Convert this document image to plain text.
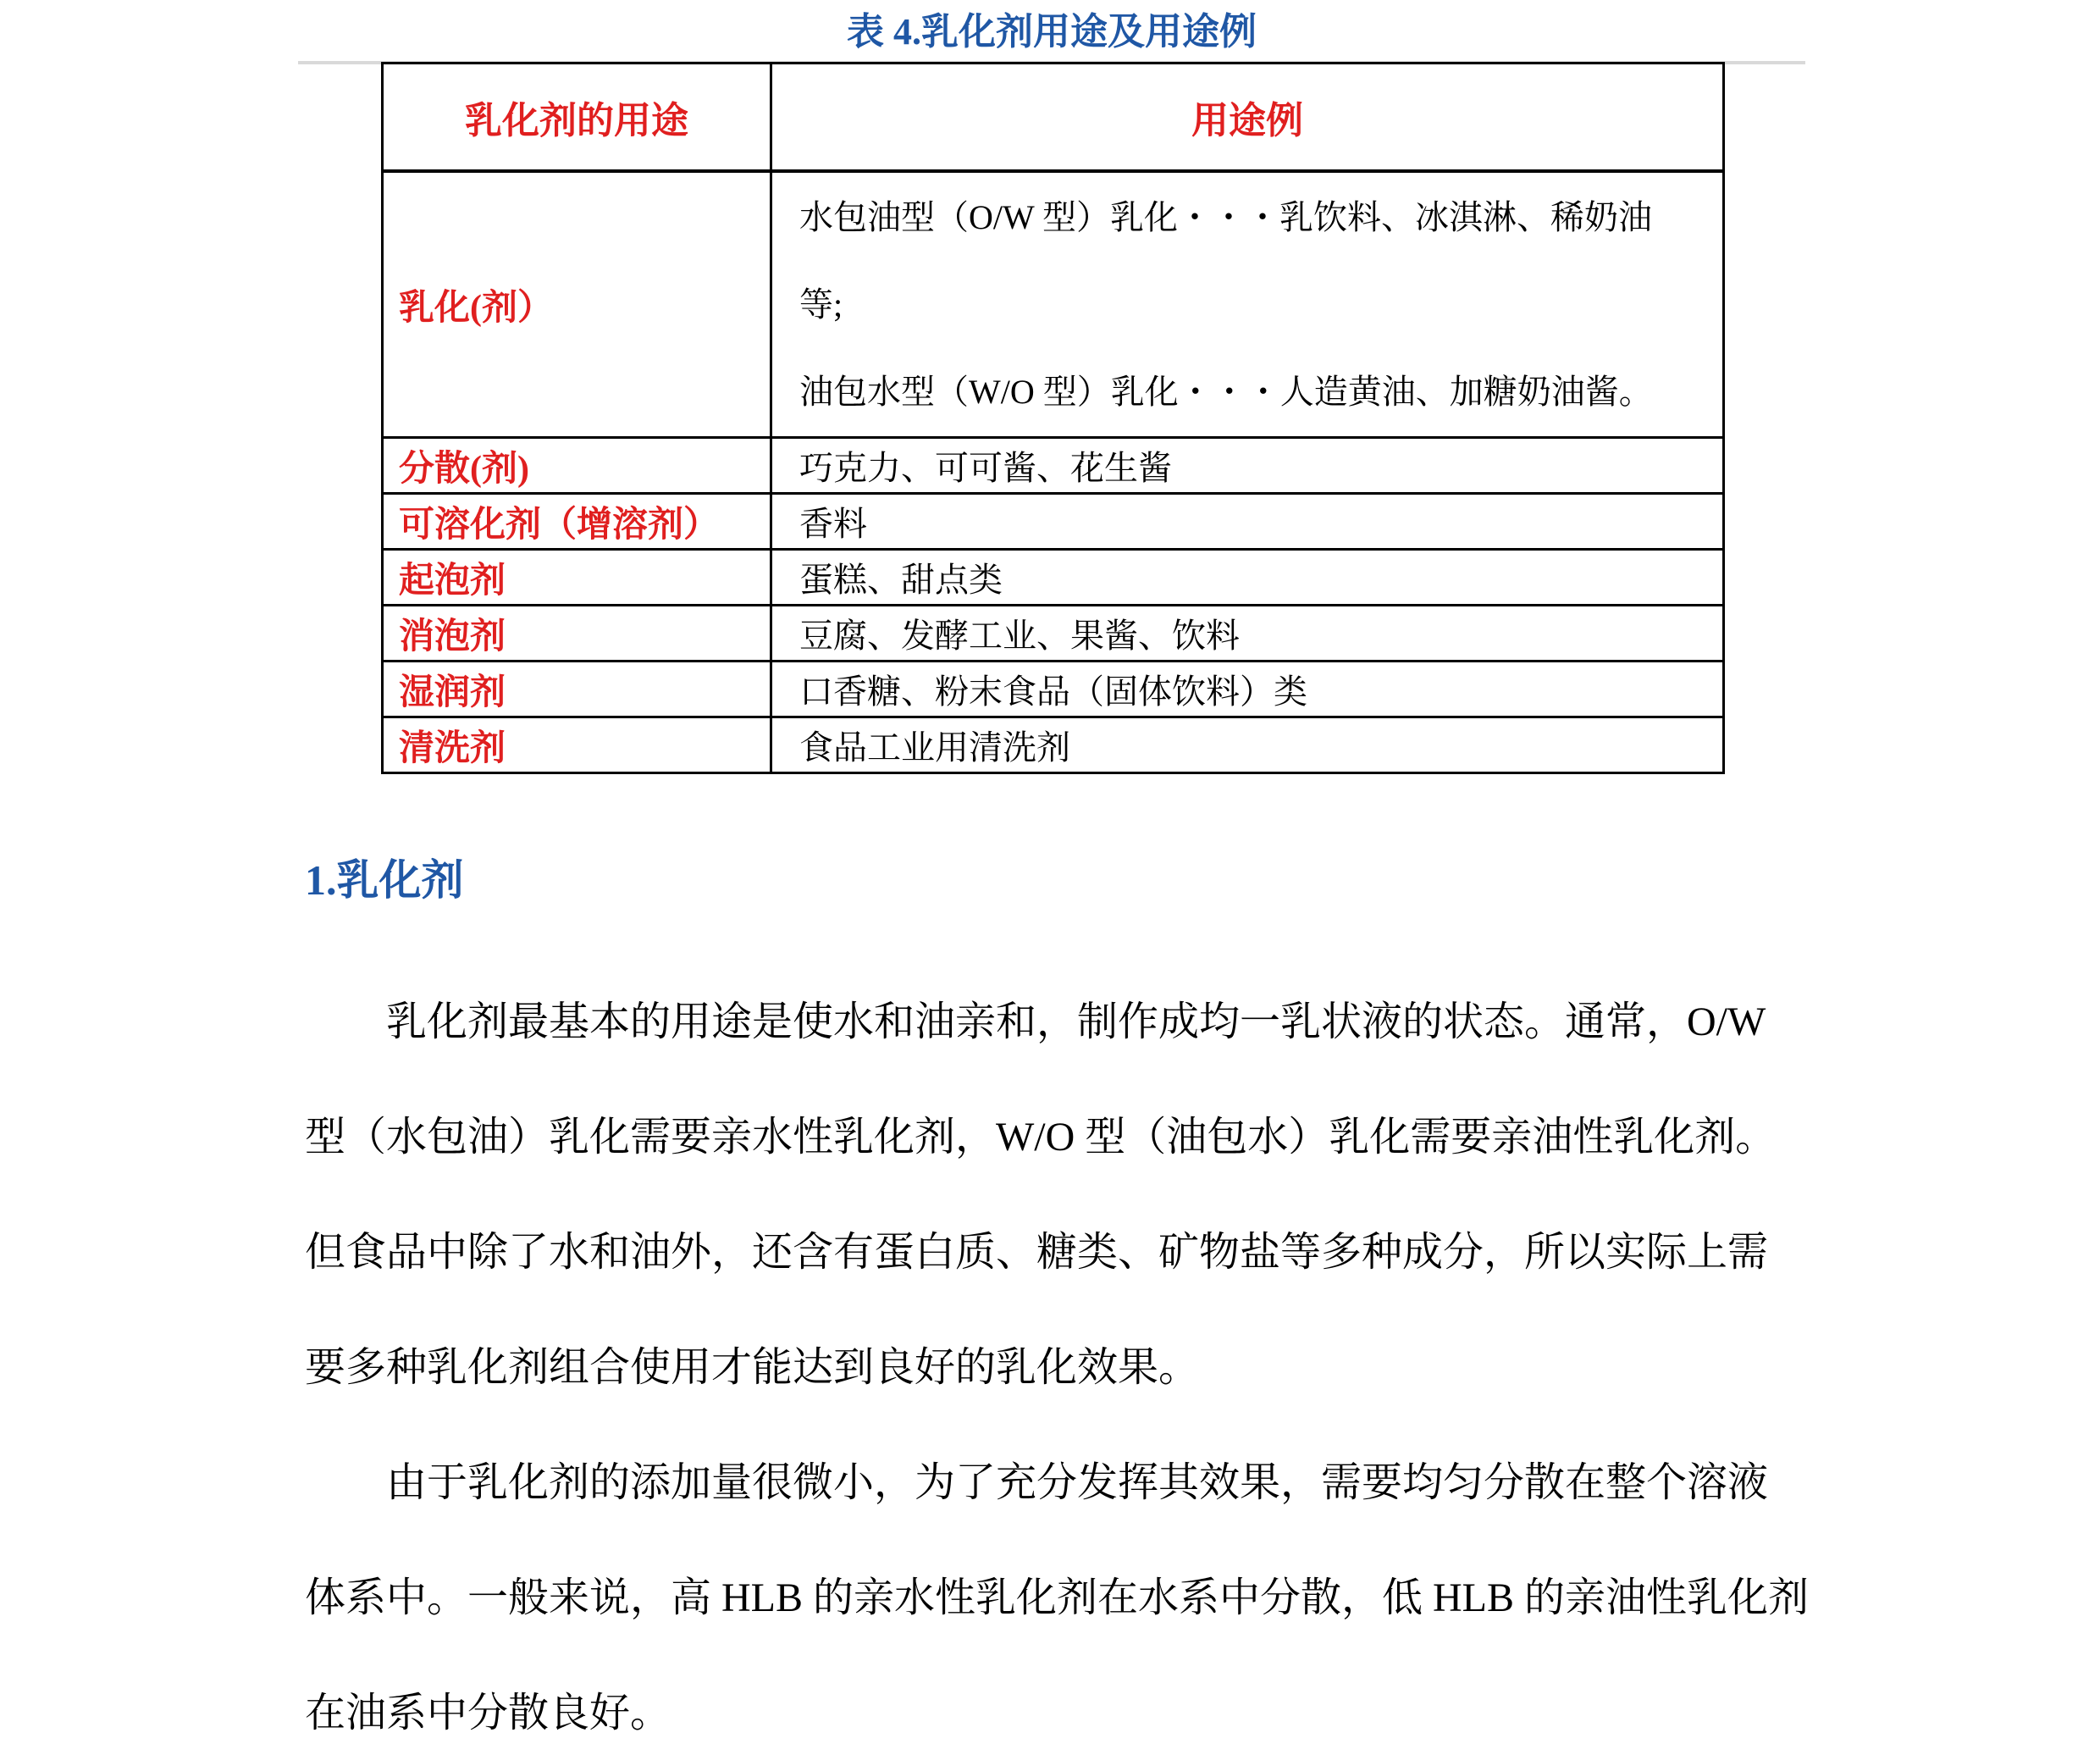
表 4.乳化剂用途及用途例
乳化剂的用途	用途例
乳化(剂）	水包油型（O/W 型）乳化・・・乳饮料、冰淇淋、稀奶油
等;
油包水型（W/O 型）乳化・・・人造黄油、加糖奶油酱。

分散(剂)	巧克力、可可酱、花生酱
可溶化剂（增溶剂）	香料
起泡剂	蛋糕、甜点类
消泡剂	豆腐、发酵工业、果酱、饮料
湿润剂	口香糖、粉末食品（固体饮料）类
清洗剂	食品工业用清洗剂
1.乳化剂
乳化剂最基本的用途是使水和油亲和，制作成均一乳状液的状态。通常，O/W
型（水包油）乳化需要亲水性乳化剂，W/O 型（油包水）乳化需要亲油性乳化剂。
但食品中除了水和油外，还含有蛋白质、糖类、矿物盐等多种成分，所以实际上需
要多种乳化剂组合使用才能达到良好的乳化效果。
由于乳化剂的添加量很微小，为了充分发挥其效果，需要均匀分散在整个溶液
体系中。一般来说，高 HLB 的亲水性乳化剂在水系中分散，低 HLB 的亲油性乳化剂
在油系中分散良好。
